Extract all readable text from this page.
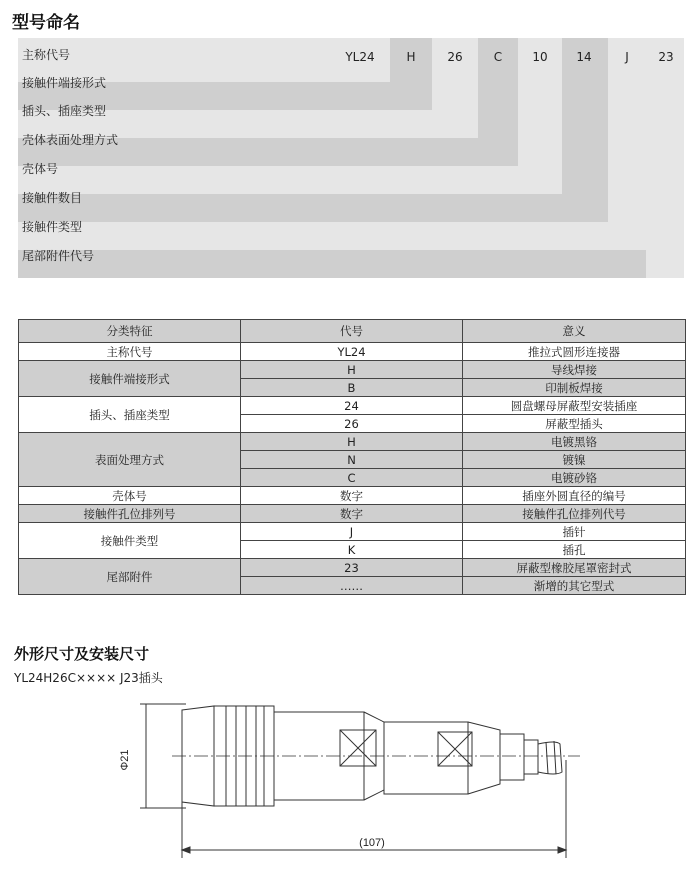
型号命名
主称代号
接触件端接形式
插头、插座类型
壳体表面处理方式
壳体号
接触件数目
接触件类型
尾部附件代号
YL24	H	26	C	10	14	J	23
分类特征	代号	意义
主称代号	YL24	推拉式圆形连接器
接触件端接形式	H	导线焊接
	B	印制板焊接
插头、插座类型	24	圆盘螺母屏蔽型安装插座
	26	屏蔽型插头
表面处理方式	H	电镀黑铬
	N	镀镍
	C	电镀砂铬
壳体号	数字	插座外圆直径的编号
接触件孔位排列号	数字	接触件孔位排列代号
接触件类型	J	插针
	K	插孔
尾部附件	23	屏蔽型橡胶尾罩密封式
	……	渐增的其它型式
外形尺寸及安装尺寸
YL24H26C×××× J23插头
Φ21
(107)
